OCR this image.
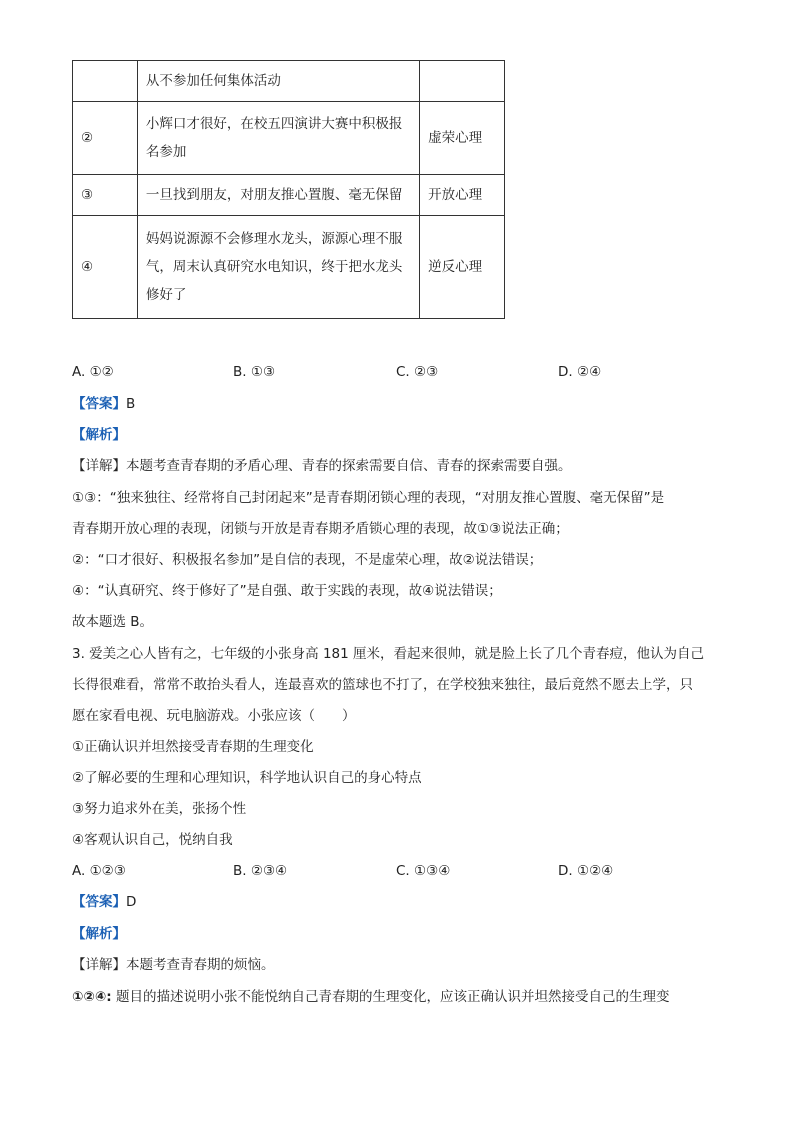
	从不参加任何集体活动	
②	小辉口才很好，在校五四演讲大赛中积极报名参加	虚荣心理
③	一旦找到朋友，对朋友推心置腹、毫无保留	开放心理
④	妈妈说源源不会修理水龙头，源源心理不服气，周末认真研究水电知识，终于把水龙头修好了	逆反心理
A. ①②	B. ①③	C. ②③	D. ②④
【答案】B
【解析】
【详解】本题考查青春期的矛盾心理、青春的探索需要自信、青春的探索需要自强。
①③：“独来独往、经常将自己封闭起来”是青春期闭锁心理的表现，“对朋友推心置腹、毫无保留”是
青春期开放心理的表现，闭锁与开放是青春期矛盾锁心理的表现，故①③说法正确；
②：“口才很好、积极报名参加”是自信的表现，不是虚荣心理，故②说法错误；
④：“认真研究、终于修好了”是自强、敢于实践的表现，故④说法错误；
故本题选 B。
3. 爱美之心人皆有之，七年级的小张身高 181 厘米，看起来很帅，就是脸上长了几个青春痘，他认为自己
长得很难看，常常不敢抬头看人，连最喜欢的篮球也不打了，在学校独来独往，最后竟然不愿去上学，只
愿在家看电视、玩电脑游戏。小张应该（　　）
①正确认识并坦然接受青春期的生理变化
②了解必要的生理和心理知识，科学地认识自己的身心特点
③努力追求外在美，张扬个性
④客观认识自己，悦纳自我
A. ①②③	B. ②③④	C. ①③④	D. ①②④
【答案】D
【解析】
【详解】本题考查青春期的烦恼。
①②④: 题目的描述说明小张不能悦纳自己青春期的生理变化，应该正确认识并坦然接受自己的生理变
